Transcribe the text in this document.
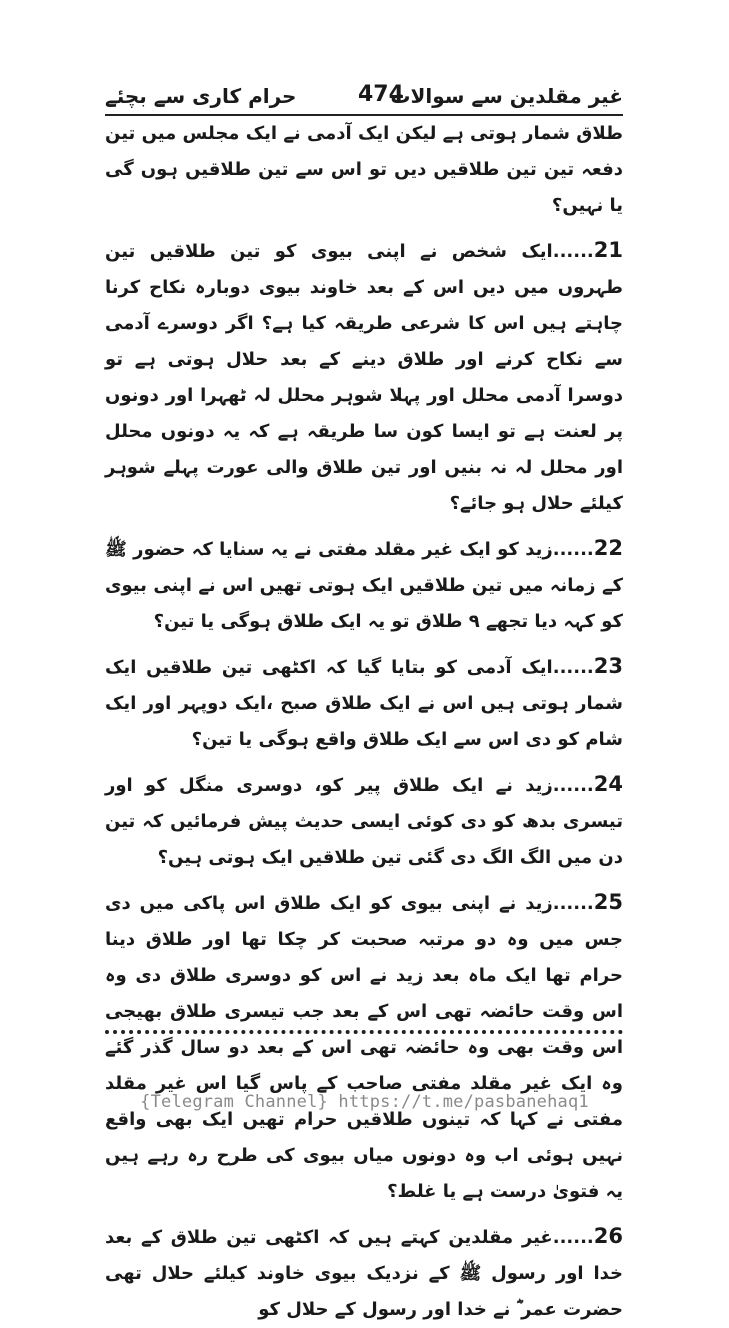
حرام کاری سے بچئے	474
غیر مقلدین سے سوالات

طلاق شمار ہوتی ہے لیکن ایک آدمی نے ایک مجلس میں تین دفعہ تین تین طلاقیں دیں تو اس سے تین طلاقیں ہوں گی یا نہیں؟

21......ایک شخص نے اپنی بیوی کو تین طلاقیں تین طہروں میں دیں اس کے بعد خاوند بیوی دوبارہ نکاح کرنا چاہتے ہیں اس کا شرعی طریقہ کیا ہے؟ اگر دوسرے آدمی سے نکاح کرنے اور طلاق دینے کے بعد حلال ہوتی ہے تو دوسرا آدمی محلل اور پہلا شوہر محلل لہ ٹھہرا اور دونوں پر لعنت ہے تو ایسا کون سا طریقہ ہے کہ یہ دونوں محلل اور محلل لہ نہ بنیں اور تین طلاق والی عورت پہلے شوہر کیلئے حلال ہو جائے؟

22......زید کو ایک غیر مقلد مفتی نے یہ سنایا کہ حضور ﷺ کے زمانہ میں تین طلاقیں ایک ہوتی تھیں اس نے اپنی بیوی کو کہہ دیا تجھے ۹ طلاق تو یہ ایک طلاق ہوگی یا تین؟

23......ایک آدمی کو بتایا گیا کہ اکٹھی تین طلاقیں ایک شمار ہوتی ہیں اس نے ایک طلاق صبح ،ایک دوپہر اور ایک شام کو دی اس سے ایک طلاق واقع ہوگی یا تین؟

24......زید نے ایک طلاق پیر کو، دوسری منگل کو اور تیسری بدھ کو دی کوئی ایسی حدیث پیش فرمائیں کہ تین دن میں الگ الگ دی گئی تین طلاقیں ایک ہوتی ہیں؟

25......زید نے اپنی بیوی کو ایک طلاق اس پاکی میں دی جس میں وہ دو مرتبہ صحبت کر چکا تھا اور طلاق دینا حرام تھا ایک ماہ بعد زید نے اس کو دوسری طلاق دی وہ اس وقت حائضہ تھی اس کے بعد جب تیسری طلاق بھیجی اس وقت بھی وہ حائضہ تھی اس کے بعد دو سال گذر گئے وہ ایک غیر مقلد مفتی صاحب کے پاس گیا اس غیر مقلد مفتی نے کہا کہ تینوں طلاقیں حرام تھیں ایک بھی واقع نہیں ہوئی اب وہ دونوں میاں بیوی کی طرح رہ رہے ہیں یہ فتویٰ درست ہے یا غلط؟

26......غیر مقلدین کہتے ہیں کہ اکٹھی تین طلاق کے بعد خدا اور رسول ﷺ کے نزدیک بیوی خاوند کیلئے حلال تھی حضرت عمر ؓ نے خدا اور رسول کے حلال کو

{Telegram Channel} https://t.me/pasbanehaq1
